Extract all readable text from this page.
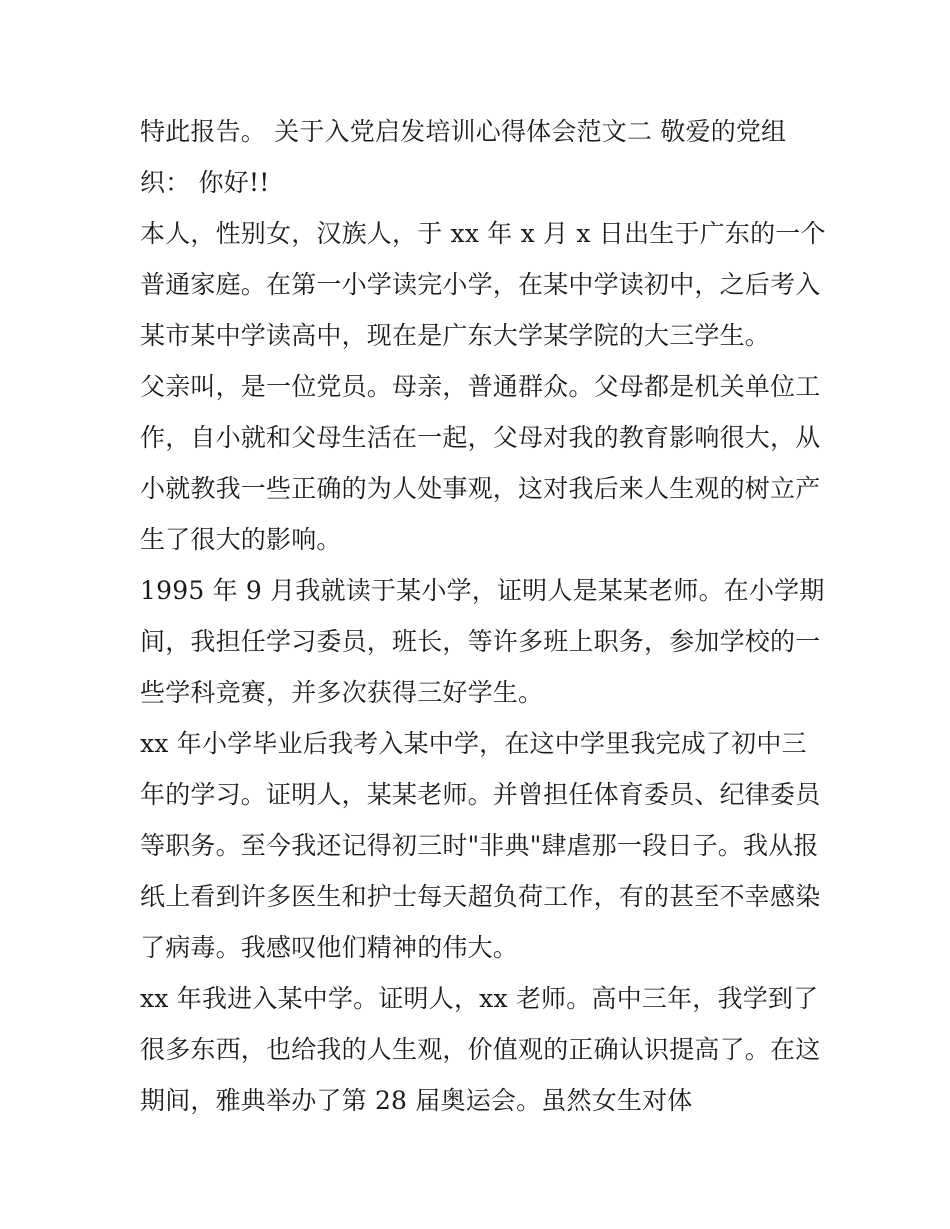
特此报告。 关于入党启发培训心得体会范文二 敬爱的党组
织： 你好!!
本人，性别女，汉族人，于 xx 年 x 月 x 日出生于广东的一个
普通家庭。在第一小学读完小学，在某中学读初中，之后考入
某市某中学读高中，现在是广东大学某学院的大三学生。
父亲叫，是一位党员。母亲，普通群众。父母都是机关单位工
作，自小就和父母生活在一起，父母对我的教育影响很大，从
小就教我一些正确的为人处事观，这对我后来人生观的树立产
生了很大的影响。
1995 年 9 月我就读于某小学，证明人是某某老师。在小学期
间，我担任学习委员，班长，等许多班上职务，参加学校的一
些学科竞赛，并多次获得三好学生。
xx 年小学毕业后我考入某中学，在这中学里我完成了初中三
年的学习。证明人，某某老师。并曾担任体育委员、纪律委员
等职务。至今我还记得初三时"非典"肆虐那一段日子。我从报
纸上看到许多医生和护士每天超负荷工作，有的甚至不幸感染
了病毒。我感叹他们精神的伟大。
xx 年我进入某中学。证明人，xx 老师。高中三年，我学到了
很多东西，也给我的人生观，价值观的正确认识提高了。在这
期间，雅典举办了第 28 届奥运会。虽然女生对体
